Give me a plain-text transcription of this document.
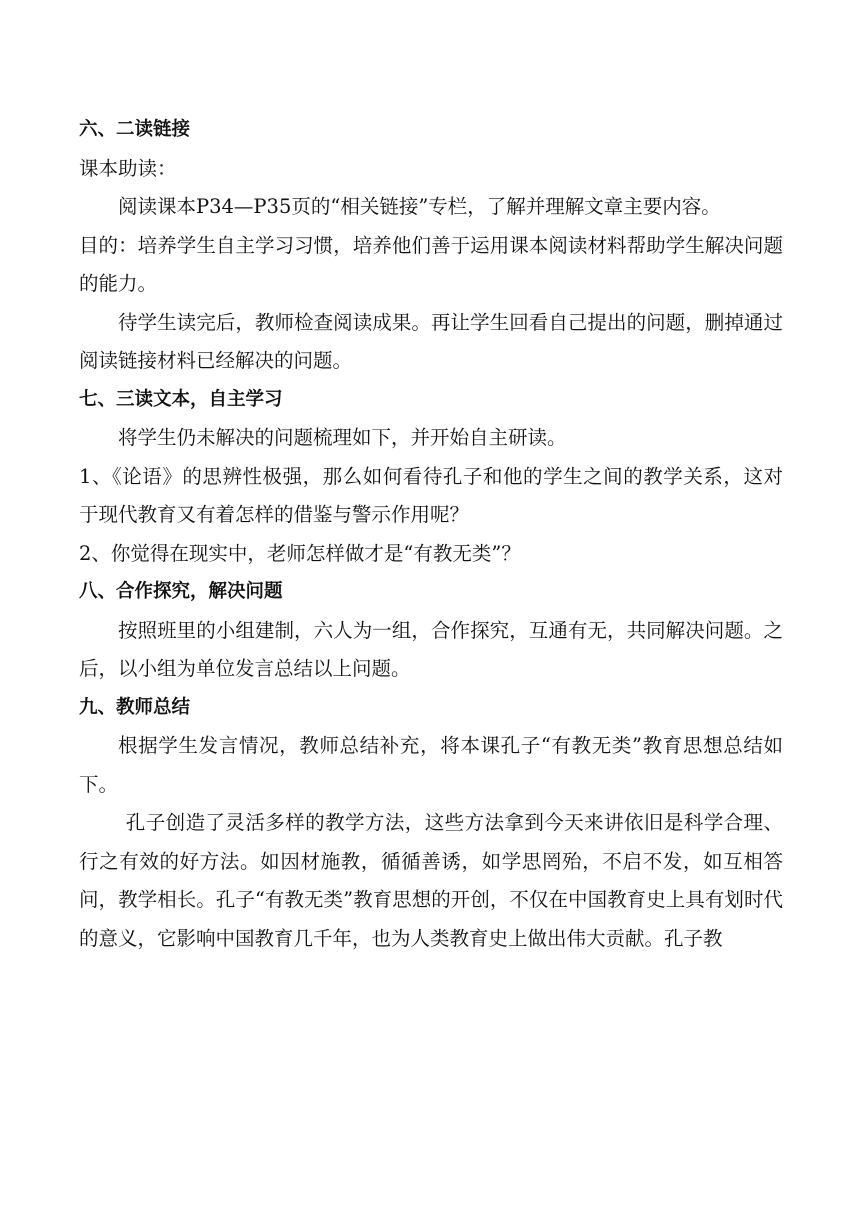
六、二读链接

课本助读：

阅读课本P34—P35页的“相关链接”专栏，了解并理解文章主要内容。

目的：培养学生自主学习习惯，培养他们善于运用课本阅读材料帮助学生解决问题的能力。

待学生读完后，教师检查阅读成果。再让学生回看自己提出的问题，删掉通过阅读链接材料已经解决的问题。

七、三读文本，自主学习

将学生仍未解决的问题梳理如下，并开始自主研读。

1、《论语》的思辨性极强，那么如何看待孔子和他的学生之间的教学关系，这对于现代教育又有着怎样的借鉴与警示作用呢？

2、你觉得在现实中，老师怎样做才是“有教无类”？

八、合作探究，解决问题

按照班里的小组建制，六人为一组，合作探究，互通有无，共同解决问题。之后，以小组为单位发言总结以上问题。

九、教师总结

根据学生发言情况，教师总结补充，将本课孔子“有教无类”教育思想总结如下。

孔子创造了灵活多样的教学方法，这些方法拿到今天来讲依旧是科学合理、行之有效的好方法。如因材施教，循循善诱，如学思罔殆，不启不发，如互相答问，教学相长。孔子“有教无类”教育思想的开创，不仅在中国教育史上具有划时代的意义，它影响中国教育几千年，也为人类教育史上做出伟大贡献。孔子教
